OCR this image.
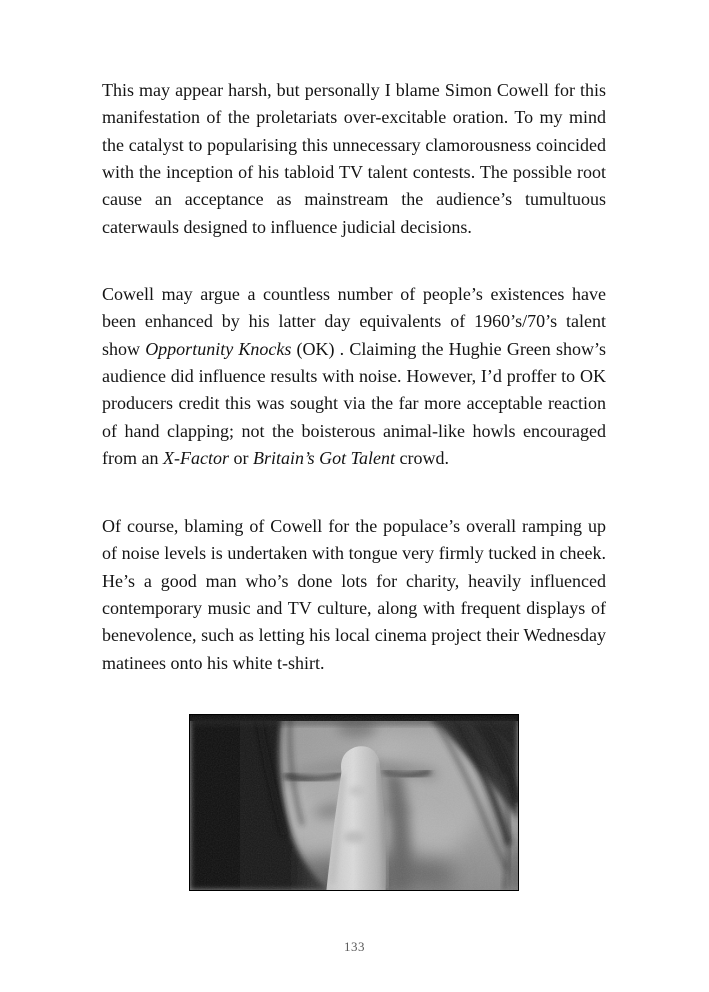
This may appear harsh, but personally I blame Simon Cowell for this manifestation of the proletariats over-excitable oration. To my mind the catalyst to popularising this unnecessary clamorousness coincided with the inception of his tabloid TV talent contests. The possible root cause an acceptance as mainstream the audience’s tumultuous caterwauls designed to influence judicial decisions.

Cowell may argue a countless number of people’s existences have been enhanced by his latter day equivalents of 1960’s/70’s talent show Opportunity Knocks (OK) . Claiming the Hughie Green show’s audience did influence results with noise. However, I’d proffer to OK producers credit this was sought via the far more acceptable reaction of hand clapping; not the boisterous animal-like howls encouraged from an X-Factor or Britain’s Got Talent crowd.

Of course, blaming of Cowell for the populace’s overall ramping up of noise levels is undertaken with tongue very firmly tucked in cheek. He’s a good man who’s done lots for charity, heavily influenced contemporary music and TV culture, along with frequent displays of benevolence, such as letting his local cinema project their Wednesday matinees onto his white t-shirt.

133
